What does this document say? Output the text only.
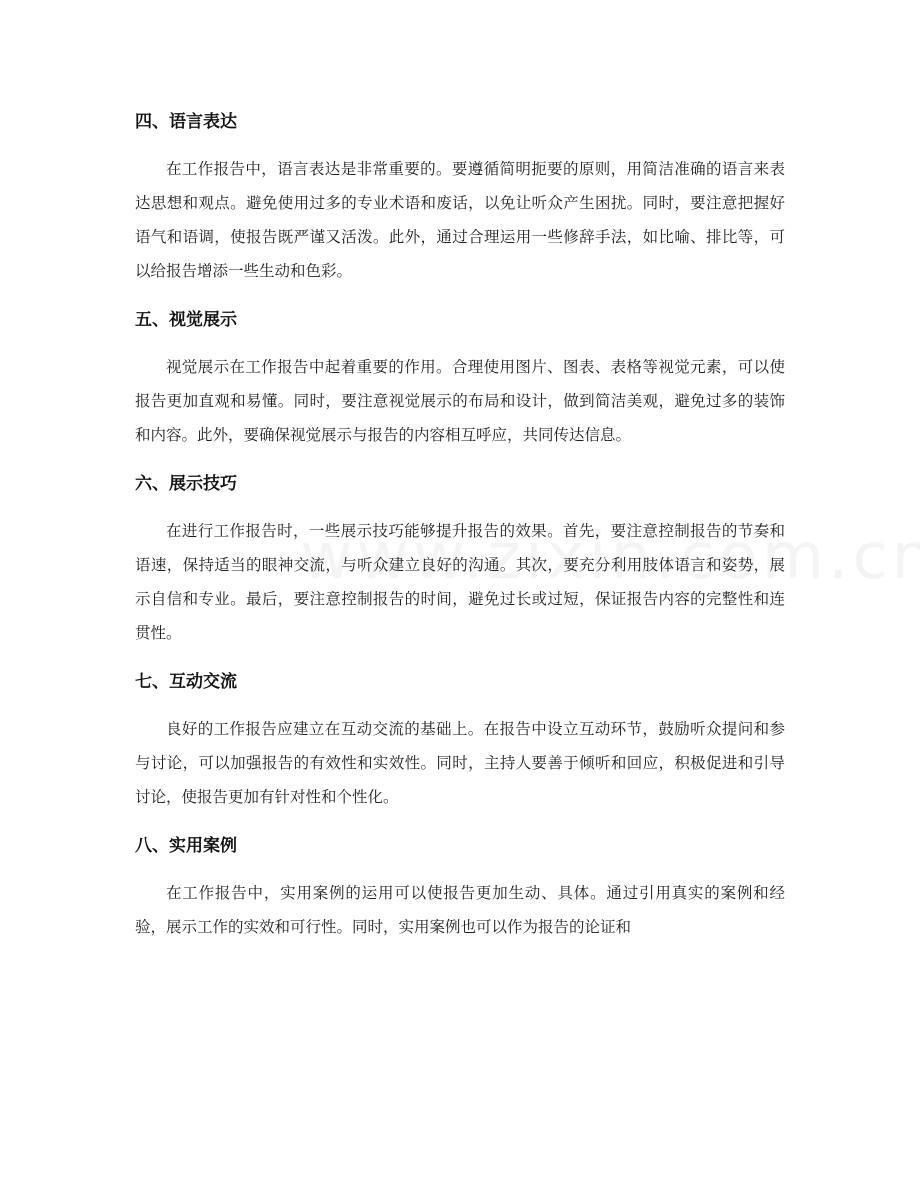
四、语言表达

在工作报告中，语言表达是非常重要的。要遵循简明扼要的原则，用简洁准确的语言来表达思想和观点。避免使用过多的专业术语和废话，以免让听众产生困扰。同时，要注意把握好语气和语调，使报告既严谨又活泼。此外，通过合理运用一些修辞手法，如比喻、排比等，可以给报告增添一些生动和色彩。

五、视觉展示

视觉展示在工作报告中起着重要的作用。合理使用图片、图表、表格等视觉元素，可以使报告更加直观和易懂。同时，要注意视觉展示的布局和设计，做到简洁美观，避免过多的装饰和内容。此外，要确保视觉展示与报告的内容相互呼应，共同传达信息。

六、展示技巧

在进行工作报告时，一些展示技巧能够提升报告的效果。首先，要注意控制报告的节奏和语速，保持适当的眼神交流，与听众建立良好的沟通。其次，要充分利用肢体语言和姿势，展示自信和专业。最后，要注意控制报告的时间，避免过长或过短，保证报告内容的完整性和连贯性。

七、互动交流

良好的工作报告应建立在互动交流的基础上。在报告中设立互动环节，鼓励听众提问和参与讨论，可以加强报告的有效性和实效性。同时，主持人要善于倾听和回应，积极促进和引导讨论，使报告更加有针对性和个性化。

八、实用案例

在工作报告中，实用案例的运用可以使报告更加生动、具体。通过引用真实的案例和经验，展示工作的实效和可行性。同时，实用案例也可以作为报告的论证和
